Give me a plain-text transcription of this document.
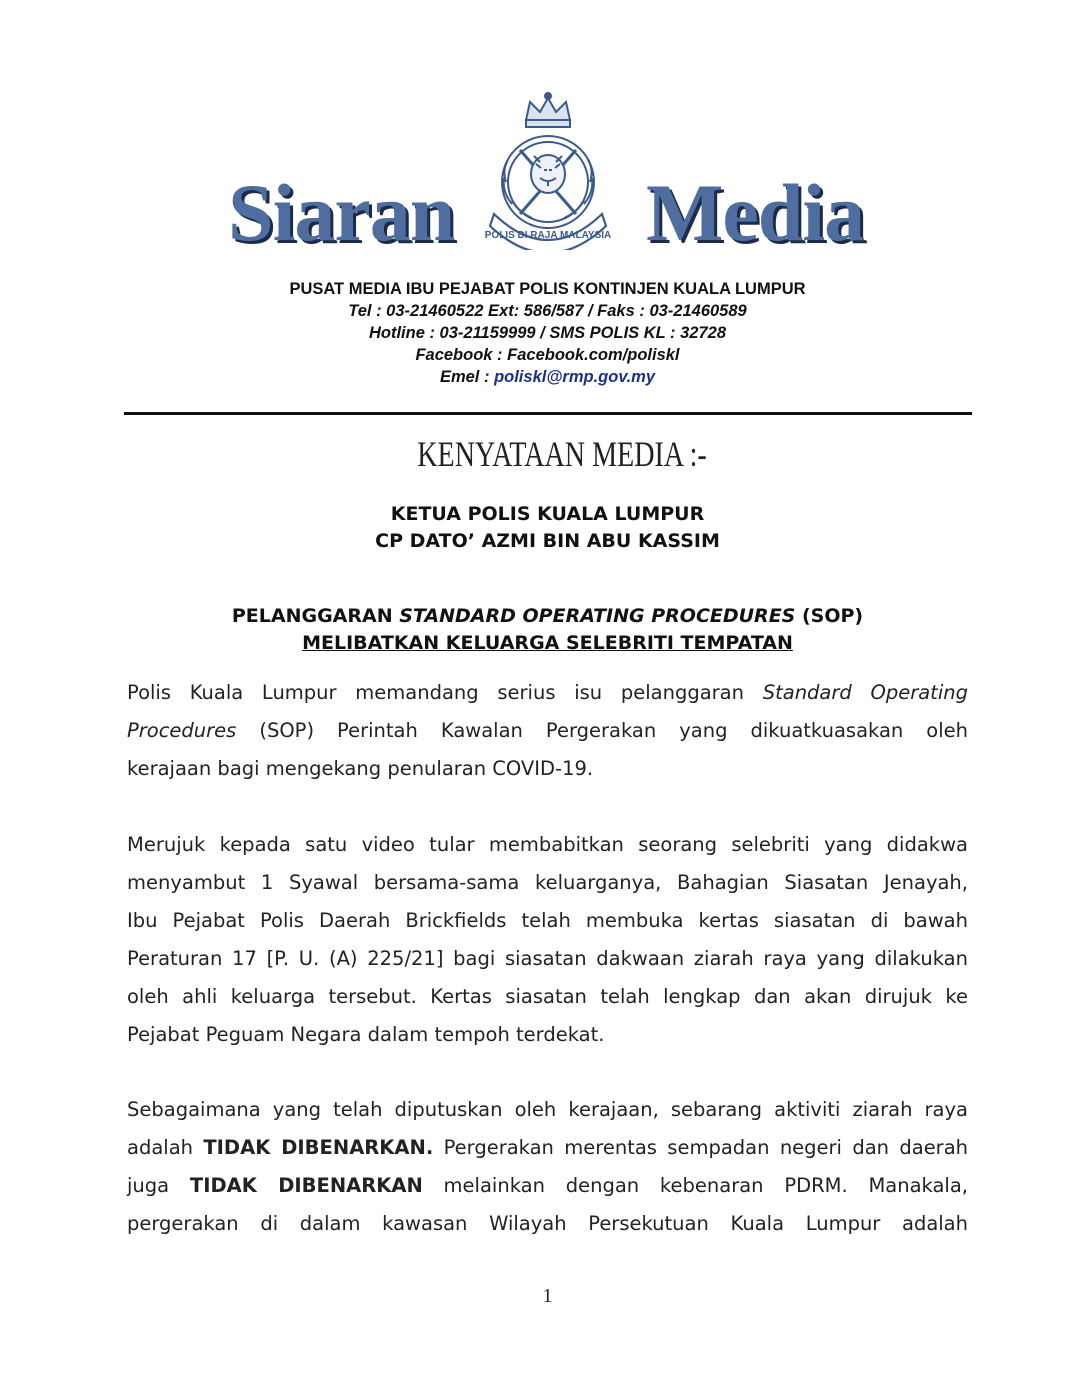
Siaran	POLIS DI RAJA MALAYSIA Media
PUSAT MEDIA IBU PEJABAT POLIS KONTINJEN KUALA LUMPUR
Tel : 03-21460522 Ext: 586/587 / Faks : 03-21460589
Hotline : 03-21159999 / SMS POLIS KL : 32728
Facebook : Facebook.com/poliskl
Emel : poliskl@rmp.gov.my
KENYATAAN MEDIA :-
KETUA POLIS KUALA LUMPUR
CP DATO’ AZMI BIN ABU KASSIM
PELANGGARAN STANDARD OPERATING PROCEDURES (SOP)
MELIBATKAN KELUARGA SELEBRITI TEMPATAN
Polis Kuala Lumpur memandang serius isu pelanggaran Standard Operating
Procedures (SOP) Perintah Kawalan Pergerakan yang dikuatkuasakan oleh
kerajaan bagi mengekang penularan COVID-19.
Merujuk kepada satu video tular membabitkan seorang selebriti yang didakwa
menyambut 1 Syawal bersama-sama keluarganya, Bahagian Siasatan Jenayah,
Ibu Pejabat Polis Daerah Brickfields telah membuka kertas siasatan di bawah
Peraturan 17 [P. U. (A) 225/21] bagi siasatan dakwaan ziarah raya yang dilakukan
oleh ahli keluarga tersebut. Kertas siasatan telah lengkap dan akan dirujuk ke
Pejabat Peguam Negara dalam tempoh terdekat.
Sebagaimana yang telah diputuskan oleh kerajaan, sebarang aktiviti ziarah raya
adalah TIDAK DIBENARKAN. Pergerakan merentas sempadan negeri dan daerah
juga TIDAK DIBENARKAN melainkan dengan kebenaran PDRM. Manakala,
pergerakan di dalam kawasan Wilayah Persekutuan Kuala Lumpur adalah
1
